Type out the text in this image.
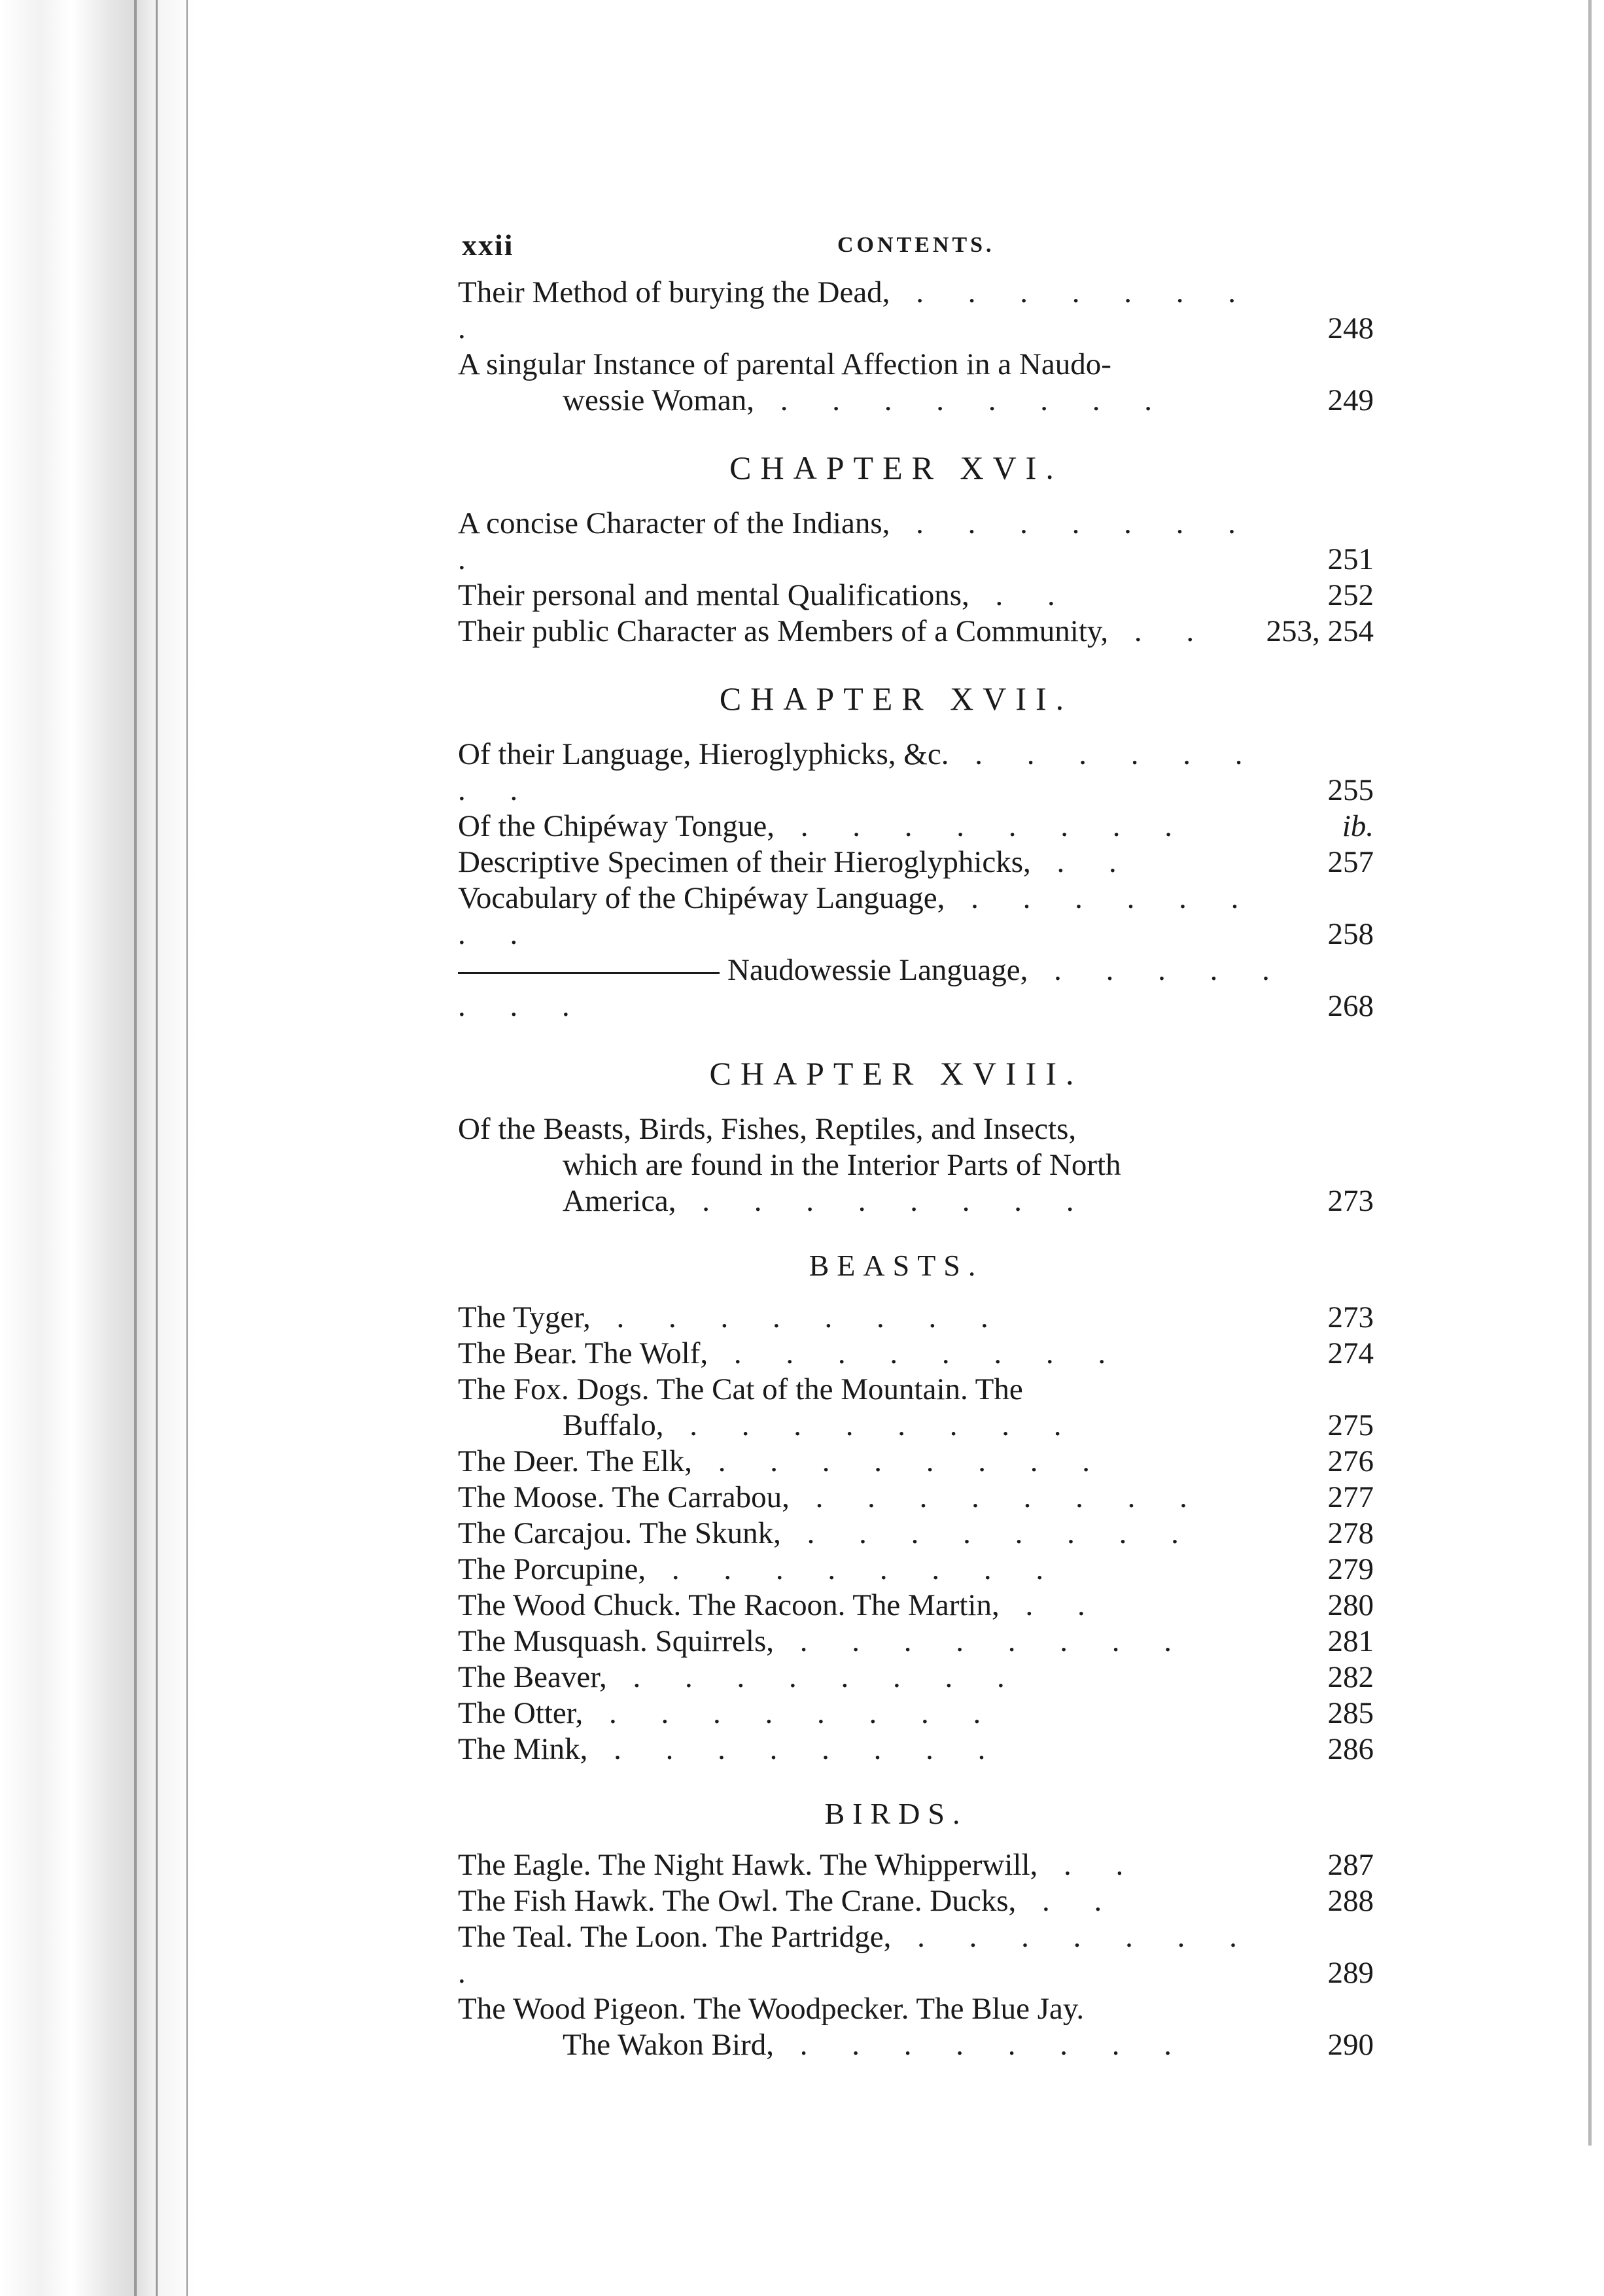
xxii	CONTENTS.
Their Method of burying the Dead, . . . . . . . .	248
A singular Instance of parental Affection in a Naudo-
wessie Woman, . . . . . . . .	249
CHAPTER XVI.
A concise Character of the Indians, . . . . . . . .	251
Their personal and mental Qualifications, . .	252
Their public Character as Members of a Community, . . 253, 254
CHAPTER XVII.
Of their Language, Hieroglyphicks, &c. . . . . . . . .	255
Of the Chipéway Tongue, . . . . . . . .	ib.
Descriptive Specimen of their Hieroglyphicks, . .	257
Vocabulary of the Chipéway Language, . . . . . . . .	258
Naudowessie Language, . . . . . . . .	268
CHAPTER XVIII.
Of the Beasts, Birds, Fishes, Reptiles, and Insects,
which are found in the Interior Parts of North
America, . . . . . . . .	273
BEASTS.
The Tyger, . . . . . . . .	273
The Bear. The Wolf, . . . . . . . .	274
The Fox. Dogs. The Cat of the Mountain. The
Buffalo, . . . . . . . .	275
The Deer. The Elk, . . . . . . . .	276
The Moose. The Carrabou, . . . . . . . .	277
The Carcajou. The Skunk, . . . . . . . .	278
The Porcupine, . . . . . . . .	279
The Wood Chuck. The Racoon. The Martin, . .	280
The Musquash. Squirrels, . . . . . . . .	281
The Beaver, . . . . . . . .	282
The Otter, . . . . . . . .	285
The Mink, . . . . . . . .	286
BIRDS.
The Eagle. The Night Hawk. The Whipperwill, . .	287
The Fish Hawk. The Owl. The Crane. Ducks, . .	288
The Teal. The Loon. The Partridge, . . . . . . . .	289
The Wood Pigeon. The Woodpecker. The Blue Jay.
The Wakon Bird, . . . . . . . .	290
